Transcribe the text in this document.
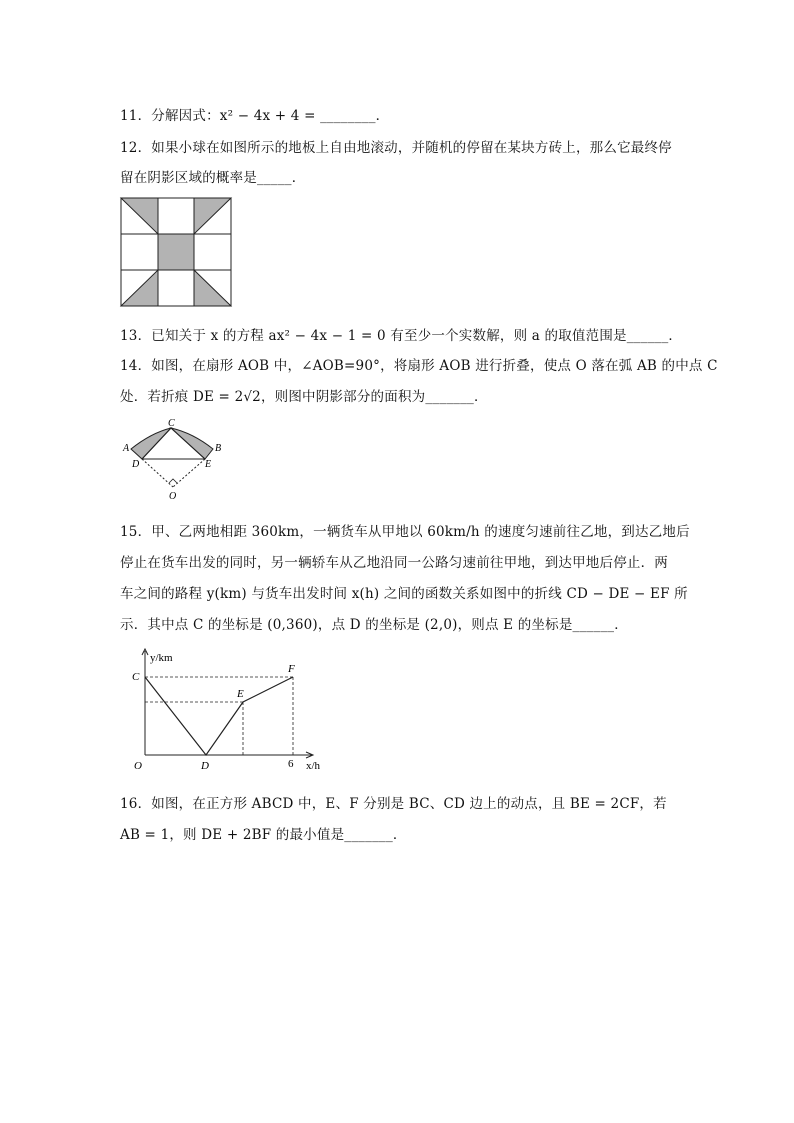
11．分解因式：x² − 4x + 4 = ________．
12．如果小球在如图所示的地板上自由地滚动，并随机的停留在某块方砖上，那么它最终停
留在阴影区域的概率是_____．
13．已知关于 x 的方程 ax² − 4x − 1 = 0 有至少一个实数解，则 a 的取值范围是______．
14．如图，在扇形 AOB 中，∠AOB=90°，将扇形 AOB 进行折叠，使点 O 落在弧 AB 的中点 C
处．若折痕 DE = 2√2，则图中阴影部分的面积为_______．
A	B
C
D	E
O
15．甲、乙两地相距 360km，一辆货车从甲地以 60km/h 的速度匀速前往乙地，到达乙地后
停止在货车出发的同时，另一辆轿车从乙地沿同一公路匀速前往甲地，到达甲地后停止．两
车之间的路程 y(km) 与货车出发时间 x(h) 之间的函数关系如图中的折线 CD − DE − EF 所
示．其中点 C 的坐标是 (0,360)，点 D 的坐标是 (2,0)，则点 E 的坐标是______．
y/km
x/h
C
D
E
F
O	6
16．如图，在正方形 ABCD 中，E、F 分别是 BC、CD 边上的动点，且 BE = 2CF，若
AB = 1，则 DE + 2BF 的最小值是_______．
